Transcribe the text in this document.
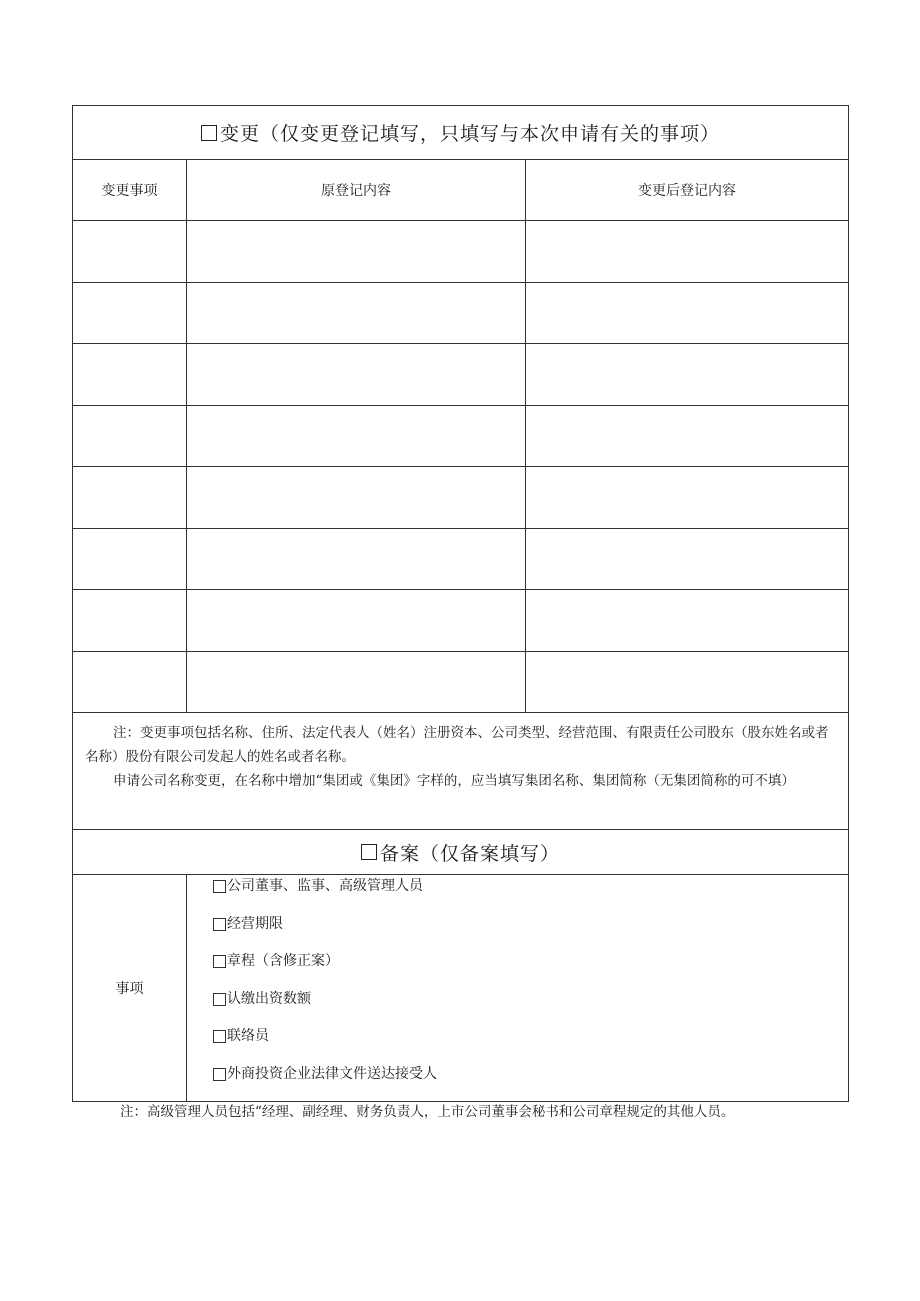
变更（仅变更登记填写，只填写与本次申请有关的事项）
变更事项	原登记内容	变更后登记内容

注：变更事项包括名称、住所、法定代表人（姓名）注册资本、公司类型、经营范围、有限责任公司股东（股东姓名或者名称）股份有限公司发起人的姓名或者名称。

申请公司名称变更，在名称中增加“集团或《集团》字样的，应当填写集团名称、集团简称（无集团简称的可不填）

备案（仅备案填写）
事项
公司董事、监事、高级管理人员
经营期限
章程（含修正案）
认缴出资数额
联络员
外商投资企业法律文件送达接受人
注：高级管理人员包括“经理、副经理、财务负责人，上市公司董事会秘书和公司章程规定的其他人员。
